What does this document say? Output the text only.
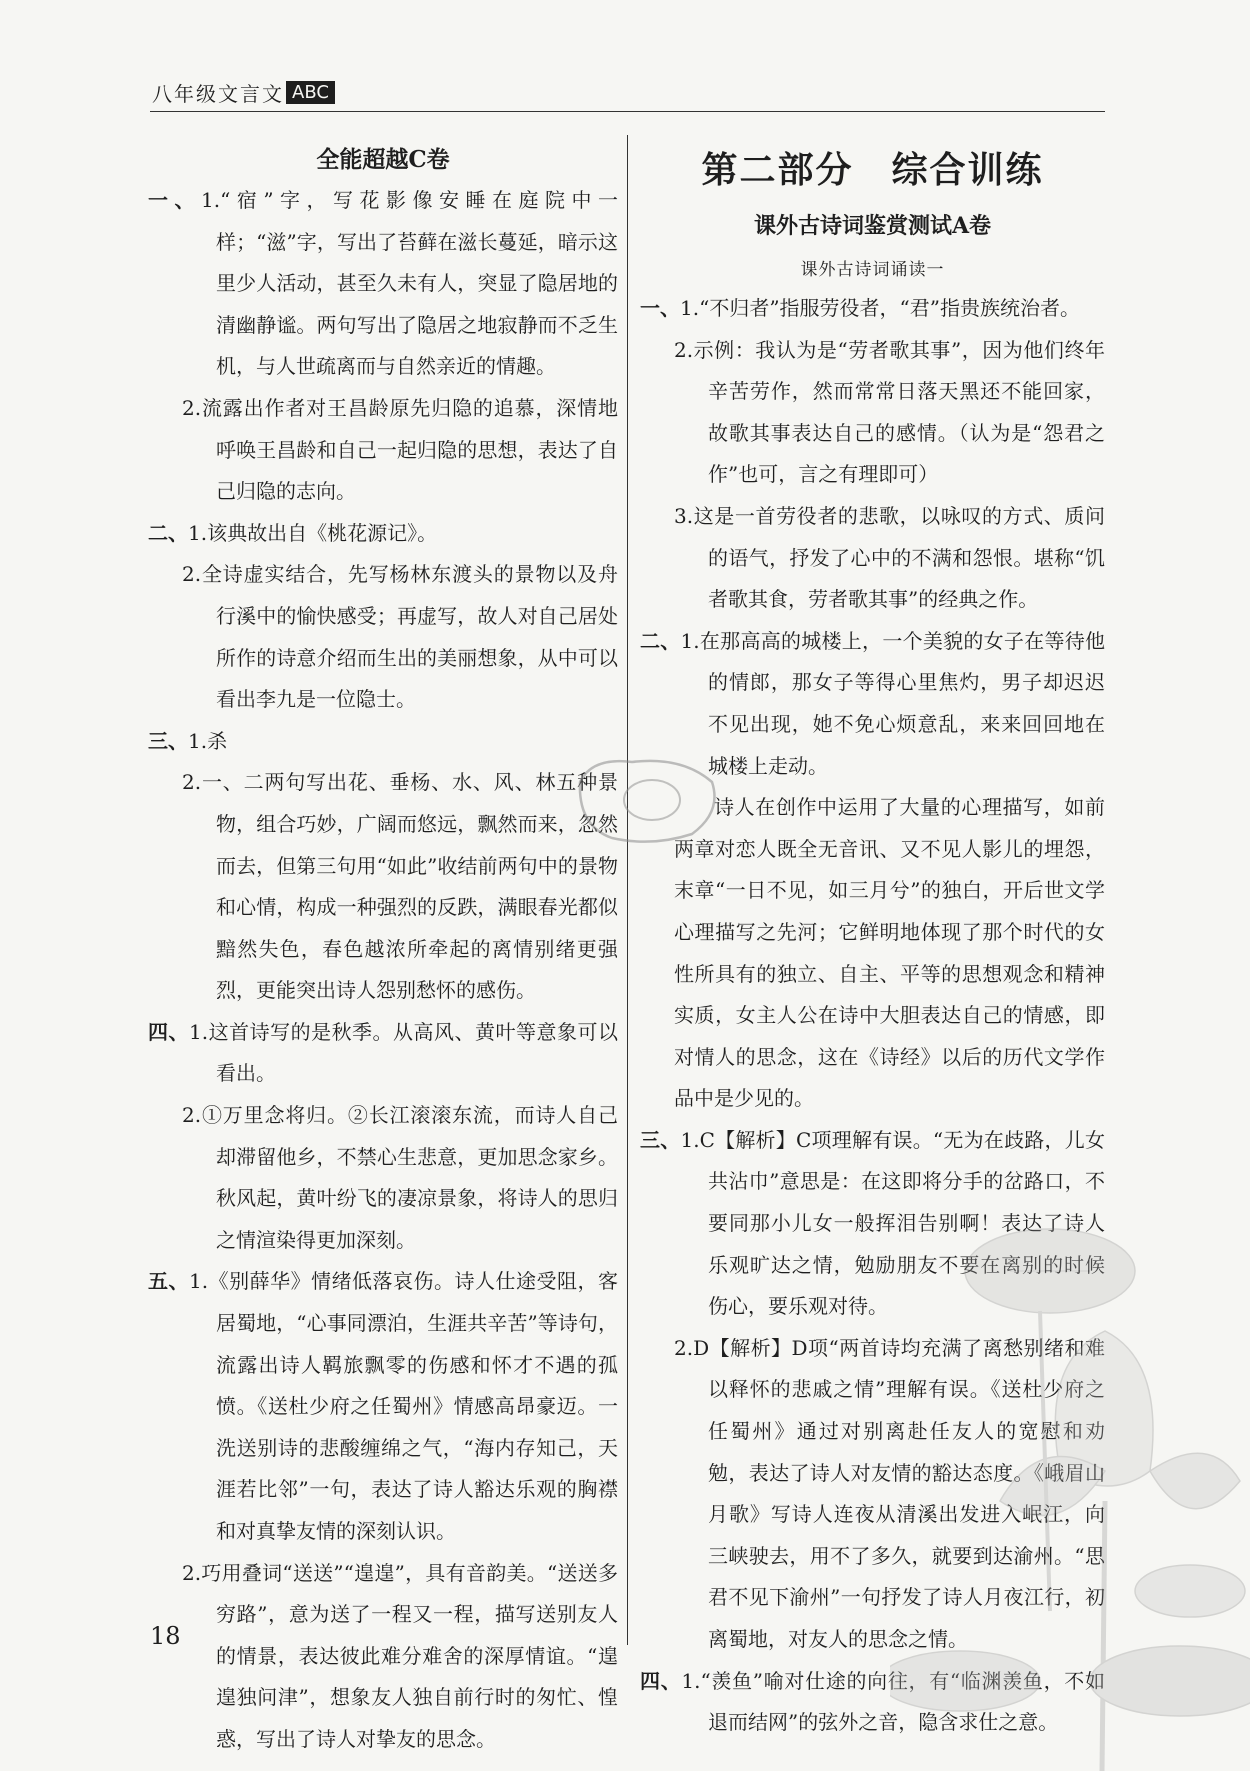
八年级文言文 ABC
全能超越C卷
一、1.“宿”字，写花影像安睡在庭院中一样；“滋”字，写出了苔藓在滋长蔓延，暗示这里少人活动，甚至久未有人，突显了隐居地的清幽静谧。两句写出了隐居之地寂静而不乏生机，与人世疏离而与自然亲近的情趣。
2.流露出作者对王昌龄原先归隐的追慕，深情地呼唤王昌龄和自己一起归隐的思想，表达了自己归隐的志向。
二、1.该典故出自《桃花源记》。
2.全诗虚实结合，先写杨林东渡头的景物以及舟行溪中的愉快感受；再虚写，故人对自己居处所作的诗意介绍而生出的美丽想象，从中可以看出李九是一位隐士。
三、1.杀
2.一、二两句写出花、垂杨、水、风、林五种景物，组合巧妙，广阔而悠远，飘然而来，忽然而去，但第三句用“如此”收结前两句中的景物和心情，构成一种强烈的反跌，满眼春光都似黯然失色，春色越浓所牵起的离情别绪更强烈，更能突出诗人怨别愁怀的感伤。
四、1.这首诗写的是秋季。从高风、黄叶等意象可以看出。
2.①万里念将归。②长江滚滚东流，而诗人自己却滞留他乡，不禁心生悲意，更加思念家乡。秋风起，黄叶纷飞的凄凉景象，将诗人的思归之情渲染得更加深刻。
五、1.《别薛华》情绪低落哀伤。诗人仕途受阻，客居蜀地，“心事同漂泊，生涯共辛苦”等诗句，流露出诗人羁旅飘零的伤感和怀才不遇的孤愤。《送杜少府之任蜀州》情感高昂豪迈。一洗送别诗的悲酸缠绵之气，“海内存知己，天涯若比邻”一句，表达了诗人豁达乐观的胸襟和对真挚友情的深刻认识。
2.巧用叠词“送送”“遑遑”，具有音韵美。“送送多穷路”，意为送了一程又一程，描写送别友人的情景，表达彼此难分难舍的深厚情谊。“遑遑独问津”，想象友人独自前行时的匆忙、惶惑，写出了诗人对挚友的思念。
第二部分　综合训练
课外古诗词鉴赏测试A卷
课外古诗词诵读一
一、1.“不归者”指服劳役者，“君”指贵族统治者。
2.示例：我认为是“劳者歌其事”，因为他们终年辛苦劳作，然而常常日落天黑还不能回家，故歌其事表达自己的感情。（认为是“怨君之作”也可，言之有理即可）
3.这是一首劳役者的悲歌，以咏叹的方式、质问的语气，抒发了心中的不满和怨恨。堪称“饥者歌其食，劳者歌其事”的经典之作。
二、1.在那高高的城楼上，一个美貌的女子在等待他的情郎，那女子等得心里焦灼，男子却迟迟不见出现，她不免心烦意乱，来来回回地在城楼上走动。
诗人在创作中运用了大量的心理描写，如前两章对恋人既全无音讯、又不见人影儿的埋怨，末章“一日不见，如三月兮”的独白，开后世文学心理描写之先河；它鲜明地体现了那个时代的女性所具有的独立、自主、平等的思想观念和精神实质，女主人公在诗中大胆表达自己的情感，即对情人的思念，这在《诗经》以后的历代文学作品中是少见的。
三、1.C【解析】C项理解有误。“无为在歧路，儿女共沾巾”意思是：在这即将分手的岔路口，不要同那小儿女一般挥泪告别啊！表达了诗人乐观旷达之情，勉励朋友不要在离别的时候伤心，要乐观对待。
2.D【解析】D项“两首诗均充满了离愁别绪和难以释怀的悲戚之情”理解有误。《送杜少府之任蜀州》通过对别离赴任友人的宽慰和劝勉，表达了诗人对友情的豁达态度。《峨眉山月歌》写诗人连夜从清溪出发进入岷江，向三峡驶去，用不了多久，就要到达渝州。“思君不见下渝州”一句抒发了诗人月夜江行，初离蜀地，对友人的思念之情。
四、1.“羡鱼”喻对仕途的向往，有“临渊羡鱼，不如退而结网”的弦外之音，隐含求仕之意。
18
